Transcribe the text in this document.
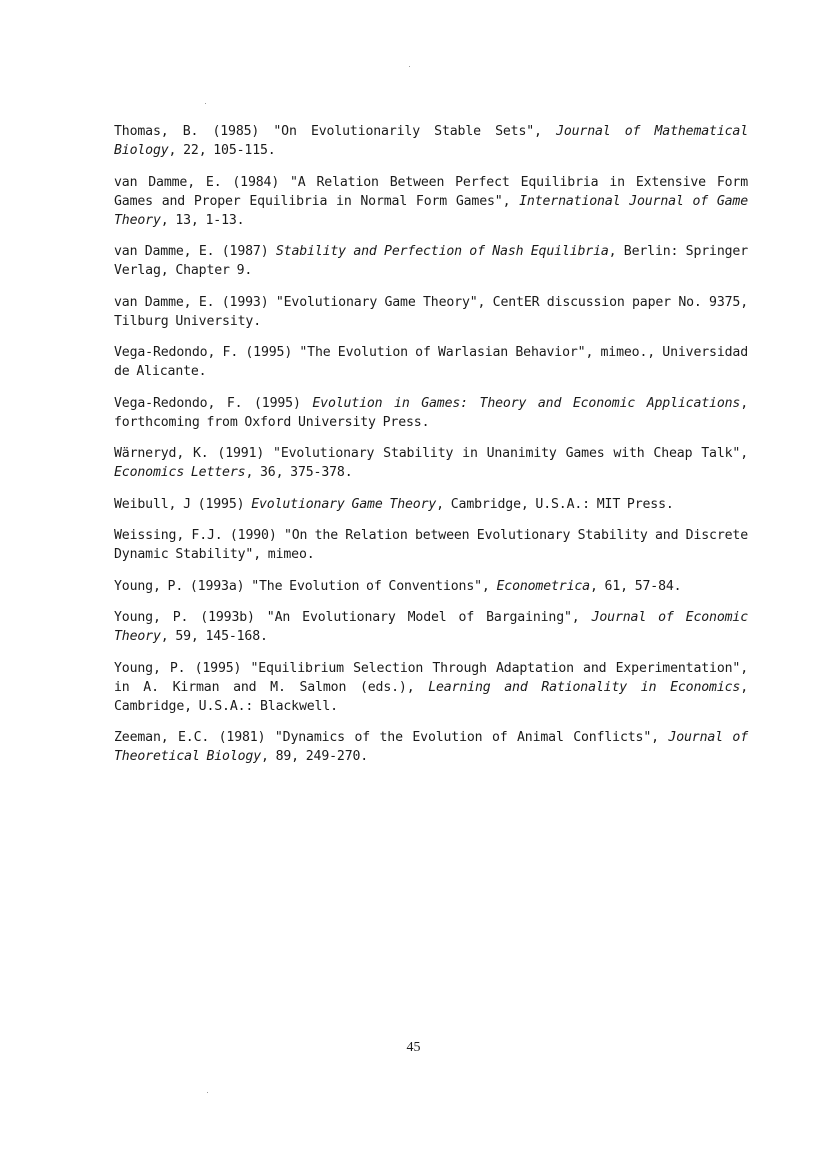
Thomas, B. (1985) "On Evolutionarily Stable Sets", Journal of Mathematical Biology, 22, 105-115.
van Damme, E. (1984) "A Relation Between Perfect Equilibria in Extensive Form Games and Proper Equilibria in Normal Form Games", International Journal of Game Theory, 13, 1-13.
van Damme, E. (1987) Stability and Perfection of Nash Equilibria, Berlin: Springer Verlag, Chapter 9.
van Damme, E. (1993) "Evolutionary Game Theory", CentER discussion paper No. 9375, Tilburg University.
Vega-Redondo, F. (1995) "The Evolution of Warlasian Behavior", mimeo., Universidad de Alicante.
Vega-Redondo, F. (1995) Evolution in Games: Theory and Economic Applications, forthcoming from Oxford University Press.
Wärneryd, K. (1991) "Evolutionary Stability in Unanimity Games with Cheap Talk", Economics Letters, 36, 375-378.
Weibull, J (1995) Evolutionary Game Theory, Cambridge, U.S.A.: MIT Press.
Weissing, F.J. (1990) "On the Relation between Evolutionary Stability and Discrete Dynamic Stability", mimeo.
Young, P. (1993a) "The Evolution of Conventions", Econometrica, 61, 57-84.
Young, P. (1993b) "An Evolutionary Model of Bargaining", Journal of Economic Theory, 59, 145-168.
Young, P. (1995) "Equilibrium Selection Through Adaptation and Experimentation", in A. Kirman and M. Salmon (eds.), Learning and Rationality in Economics, Cambridge, U.S.A.: Blackwell.
Zeeman, E.C. (1981) "Dynamics of the Evolution of Animal Conflicts", Journal of Theoretical Biology, 89, 249-270.
45
